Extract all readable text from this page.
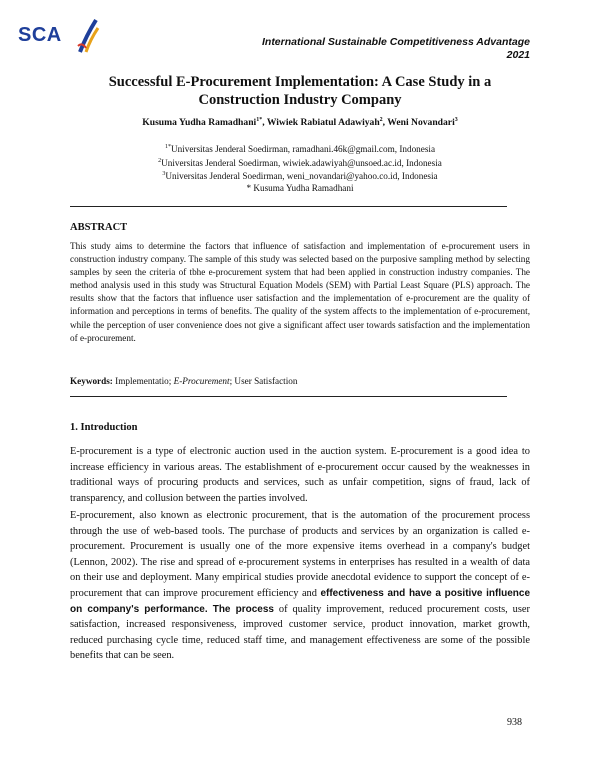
SCA	International Sustainable Competitiveness Advantage
2021
Successful E-Procurement Implementation: A Case Study in a
Construction Industry Company
Kusuma Yudha Ramadhani$^{1*}$, Wiwiek Rabiatul Adawiyah$^2$, Weni Novandari$^3$
$^{1*}$Universitas Jenderal Soedirman, ramadhani.46k@gmail.com, Indonesia
$^2$Universitas Jenderal Soedirman, wiwiek.adawiyah@unsoed.ac.id, Indonesia
$^3$Universitas Jenderal Soedirman, weni_novandari@yahoo.co.id, Indonesia
* Kusuma Yudha Ramadhani
ABSTRACT

This study aims to determine the factors that influence of satisfaction and implementation of e-procurement users in construction industry company. The sample of this study was selected based on the purposive sampling method by selecting samples by seen the criteria of tbhe e-procurement system that had been applied in construction industry companies. The method analysis used in this study was Structural Equation Models (SEM) with Partial Least Square (PLS) approach. The results show that the factors that influence user satisfaction and the implementation of e-procurement are the quality of information and perceptions in terms of benefits. The quality of the system affects to the implementation of e-procurement, while the perception of user convenience does not give a significant affect user towards satisfaction and the implementation of e-procurement.

Keywords: Implementatio; E-Procurement; User Satisfaction
1. Introduction

E-procurement is a type of electronic auction used in the auction system. E-procurement is a good idea to increase efficiency in various areas. The establishment of e-procurement occur caused by the weaknesses in traditional ways of procuring products and services, such as unfair competition, signs of fraud, lack of transparency, and collusion between the parties involved.

E-procurement, also known as electronic procurement, that is the automation of the procurement process through the use of web-based tools. The purchase of products and services by an organization is called e-procurement. Procurement is usually one of the more expensive items overhead in a company's budget (Lennon, 2002). The rise and spread of e-procurement systems in enterprises has resulted in a wealth of data on their use and deployment. Many empirical studies provide anecdotal evidence to support the concept of e-procurement that can improve procurement efficiency and effectiveness and have a positive influence on company's performance. The process of quality improvement, reduced procurement costs, user satisfaction, increased responsiveness, improved customer service, product innovation, market growth, reduced purchasing cycle time, reduced staff time, and management effectiveness are some of the possible benefits that can be seen.

938
